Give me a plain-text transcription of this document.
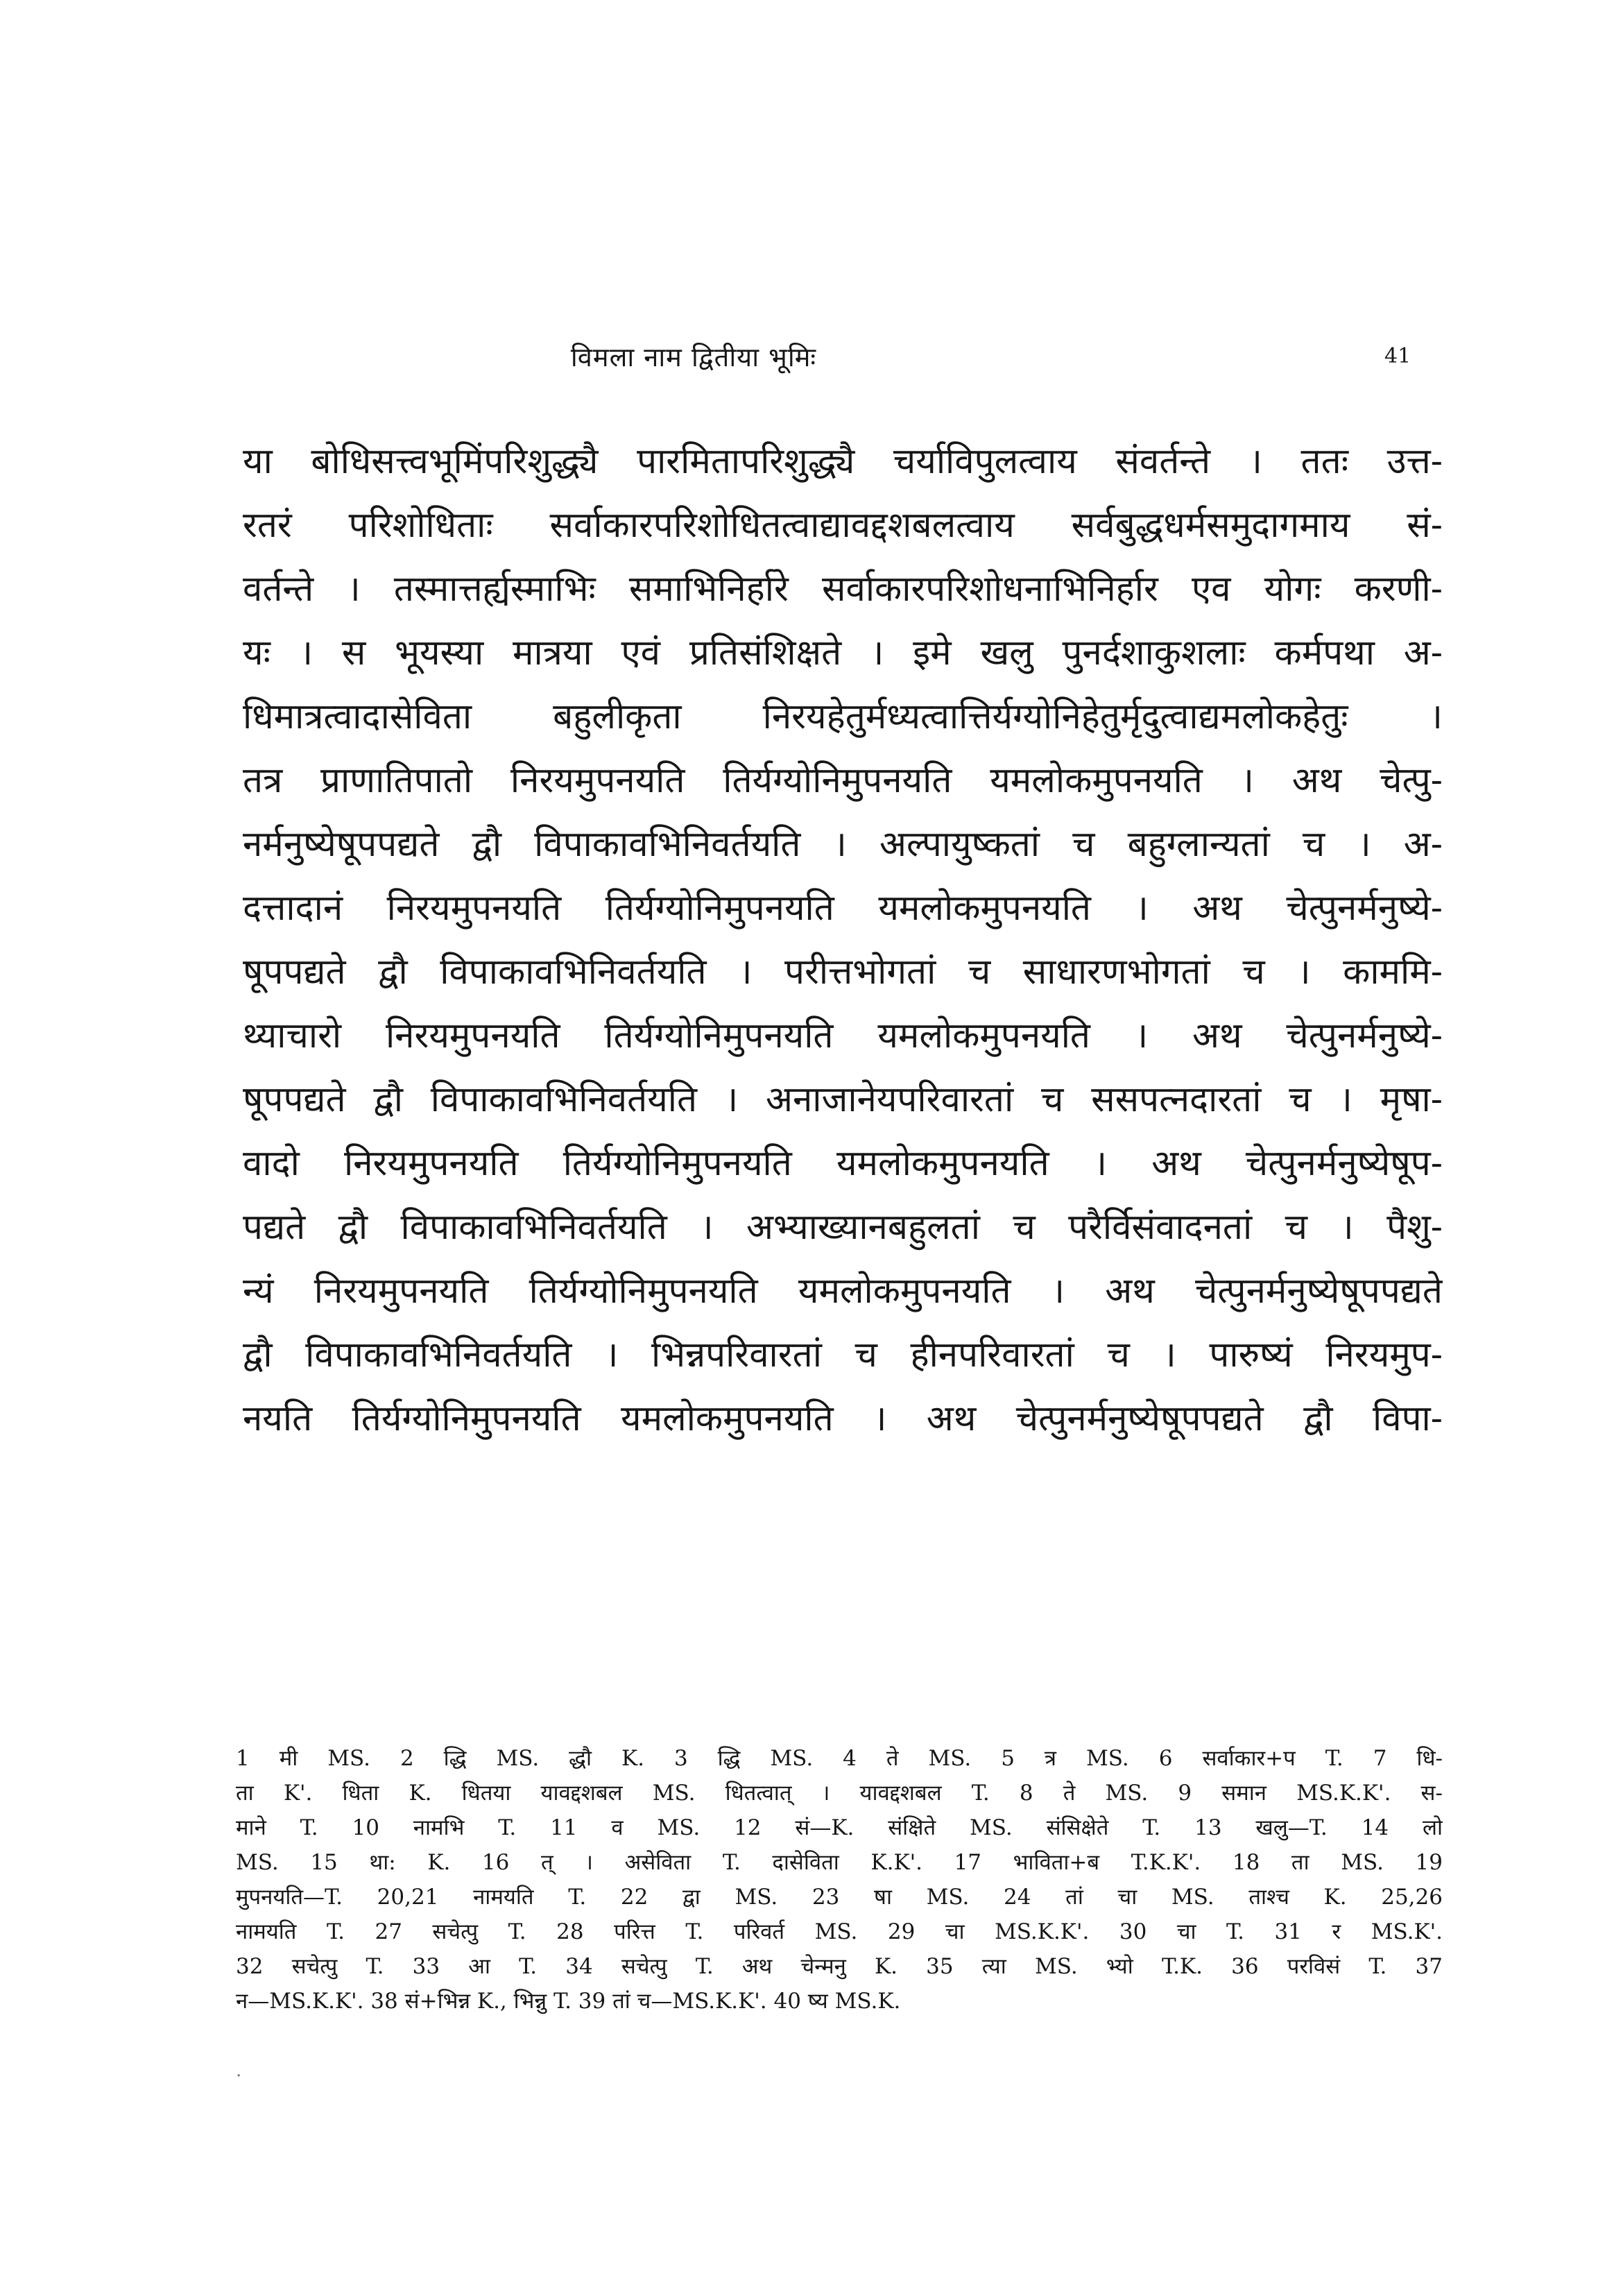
विमला नाम द्वितीया भूमिः	41
या बोधिसत्त्वभूमिंपरिशुद्ध्यै पारमितापरिशुद्ध्यै चर्याविपुलत्वाय संवर्तन्ते । ततः उत्त-
रतरं परिशोधिताः सर्वाकारपरिशोधितत्वाद्यावद्दशबलत्वाय सर्वबुद्धधर्मसमुदागमाय सं-
वर्तन्ते । तस्मात्तर्ह्यस्माभिः समाभिनिर्हारे सर्वाकारपरिशोधनाभिनिर्हार एव योगः करणी-
यः । स भूयस्या मात्रया एवं प्रतिसंशिक्षते । इमे खलु पुनर्दशाकुशलाः कर्मपथा अ-
धिमात्रत्वादासेविता बहुलीकृता निरयहेतुर्मध्यत्वात्तिर्यग्योनिहेतुर्मृदुत्वाद्यमलोकहेतुः ।
तत्र प्राणातिपातो निरयमुपनयति तिर्यग्योनिमुपनयति यमलोकमुपनयति । अथ चेत्पु-
नर्मनुष्येषूपपद्यते द्वौ विपाकावभिनिवर्तयति । अल्पायुष्कतां च बहुग्लान्यतां च । अ-
दत्तादानं निरयमुपनयति तिर्यग्योनिमुपनयति यमलोकमुपनयति । अथ चेत्पुनर्मनुष्ये-
षूपपद्यते द्वौ विपाकावभिनिवर्तयति । परीत्तभोगतां च साधारणभोगतां च । काममि-
थ्याचारो निरयमुपनयति तिर्यग्योनिमुपनयति यमलोकमुपनयति । अथ चेत्पुनर्मनुष्ये-
षूपपद्यते द्वौ विपाकावभिनिवर्तयति । अनाजानेयपरिवारतां च ससपत्नदारतां च । मृषा-
वादो निरयमुपनयति तिर्यग्योनिमुपनयति यमलोकमुपनयति । अथ चेत्पुनर्मनुष्येषूप-
पद्यते द्वौ विपाकावभिनिवर्तयति । अभ्याख्यानबहुलतां च परैर्विसंवादनतां च । पैशु-
न्यं निरयमुपनयति तिर्यग्योनिमुपनयति यमलोकमुपनयति । अथ चेत्पुनर्मनुष्येषूपपद्यते
द्वौ विपाकावभिनिवर्तयति । भिन्नपरिवारतां च हीनपरिवारतां च । पारुष्यं निरयमुप-
नयति तिर्यग्योनिमुपनयति यमलोकमुपनयति । अथ चेत्पुनर्मनुष्येषूपपद्यते द्वौ विपा-
1 मी MS. 2 द्धि MS. द्धौ K. 3 द्धि MS. 4 ते MS. 5 त्र MS. 6 सर्वाकार+प T. 7 धि-
ता K'. धिता K. धितया यावद्दशबल MS. धितत्वात् । यावद्दशबल T. 8 ते MS. 9 समान MS.K.K'. स-
माने T. 10 नामभि T. 11 व MS. 12 सं—K. संक्षिते MS. संसिक्षेते T. 13 खलु—T. 14 लो
MS. 15 था: K. 16 त् । असेविता T. दासेविता K.K'. 17 भाविता+ब T.K.K'. 18 ता MS. 19
मुपनयति—T. 20,21 नामयति T. 22 द्वा MS. 23 षा MS. 24 तां चा MS. ताश्च K. 25,26
नामयति T. 27 सचेत्पु T. 28 परित्त T. परिवर्त MS. 29 चा MS.K.K'. 30 चा T. 31 र MS.K'.
32 सचेत्पु T. 33 आ T. 34 सचेत्पु T. अथ चेन्मनु K. 35 त्या MS. भ्यो T.K. 36 परविसं T. 37
न—MS.K.K'. 38 सं+भिन्न K., भिन्नु T. 39 तां च—MS.K.K'. 40 ष्य MS.K.
·
